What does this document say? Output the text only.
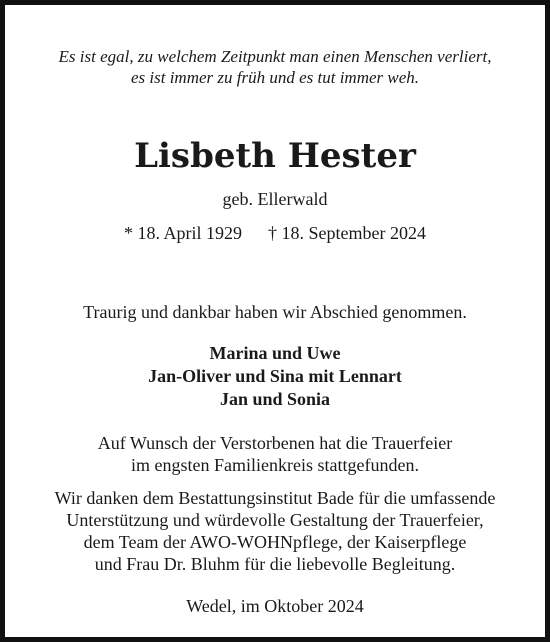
Es ist egal, zu welchem Zeitpunkt man einen Menschen verliert,
es ist immer zu früh und es tut immer weh.
Lisbeth Hester
geb. Ellerwald
* 18. April 1929 † 18. September 2024
Traurig und dankbar haben wir Abschied genommen.
Marina und Uwe
Jan-Oliver und Sina mit Lennart
Jan und Sonia
Auf Wunsch der Verstorbenen hat die Trauerfeier
im engsten Familienkreis stattgefunden.
Wir danken dem Bestattungsinstitut Bade für die umfassende
Unterstützung und würdevolle Gestaltung der Trauerfeier,
dem Team der AWO-WOHNpflege, der Kaiserpflege
und Frau Dr. Bluhm für die liebevolle Begleitung.
Wedel, im Oktober 2024
